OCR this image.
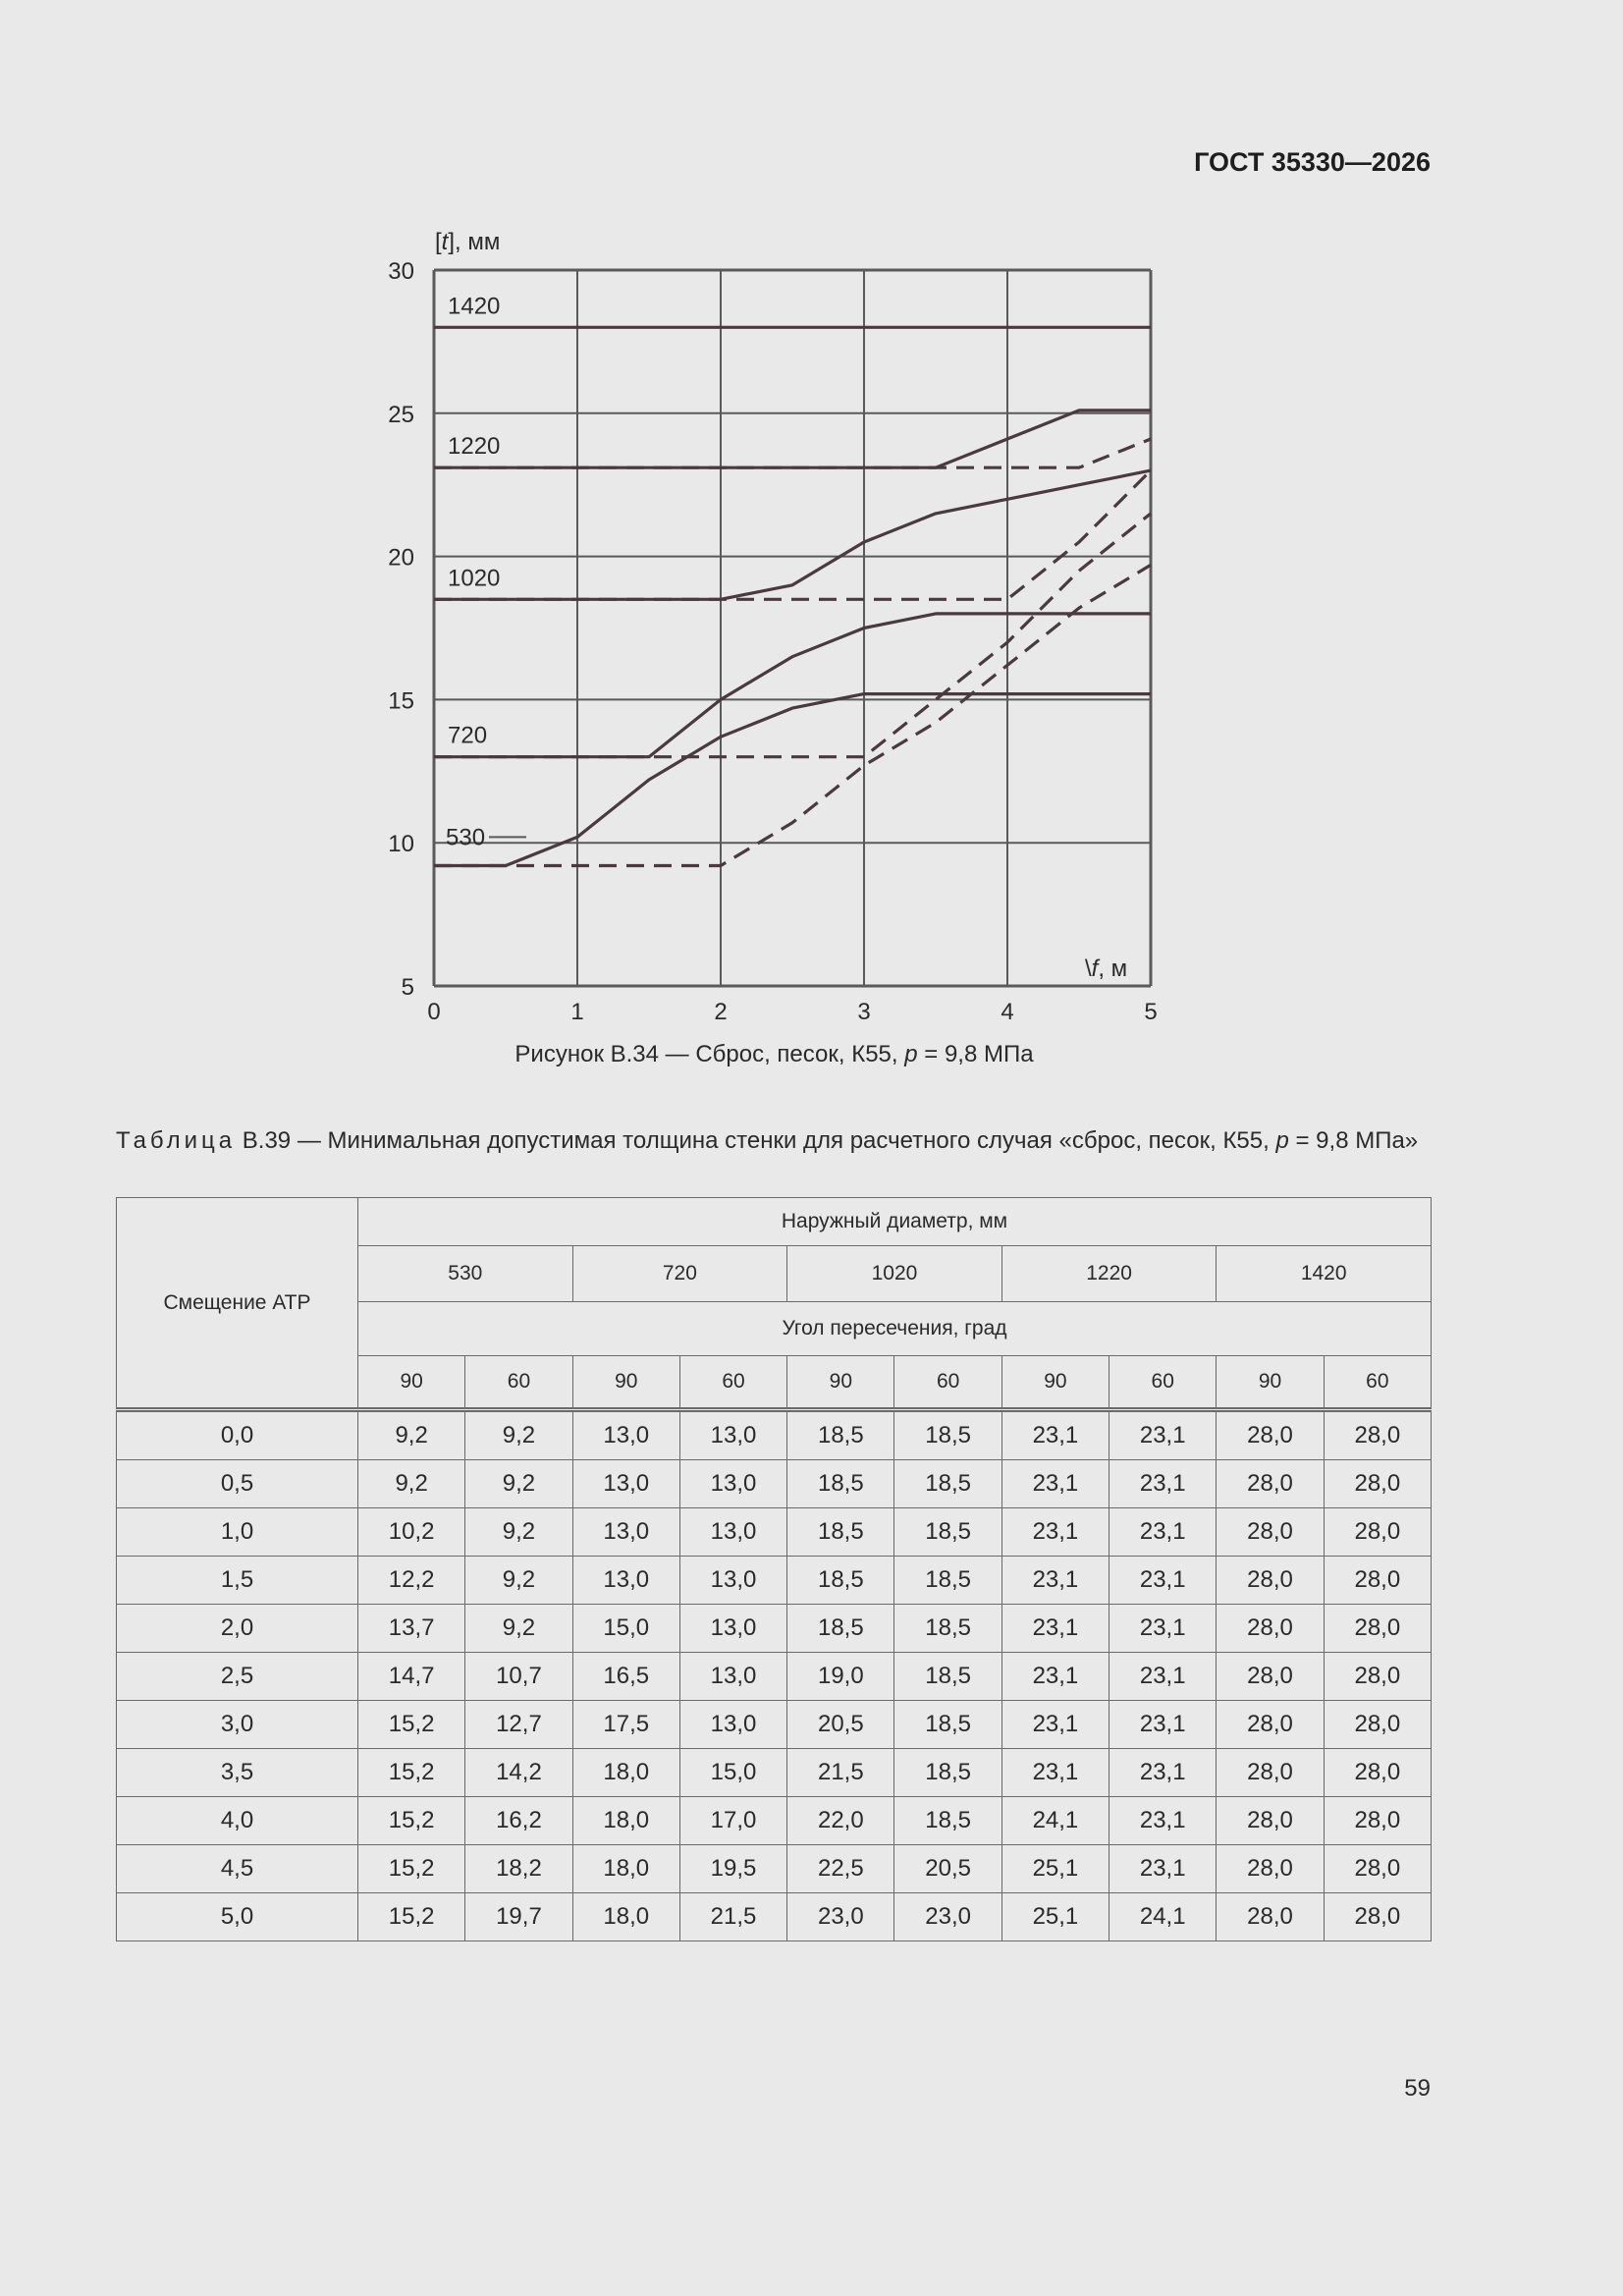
ГОСТ 35330—2026
0	1	2	3	4	5
5
10
15
20
25
30
530
720
1020
1220
1420
[t], мм
\f, м
Рисунок В.34 — Сброс, песок, К55, p = 9,8 МПа
Таблица В.39 — Минимальная допустимая толщина стенки для расчетного случая «сброс, песок, К55, p = 9,8 МПа»
Смещение АТР	Наружный диаметр, мм									
	530		720		1020		1220		1420	
	Угол пересечения, град									
	90	60	90	60	90	60	90	60	90	60
0,0	9,2	9,2	13,0	13,0	18,5	18,5	23,1	23,1	28,0	28,0
0,5	9,2	9,2	13,0	13,0	18,5	18,5	23,1	23,1	28,0	28,0
1,0	10,2	9,2	13,0	13,0	18,5	18,5	23,1	23,1	28,0	28,0
1,5	12,2	9,2	13,0	13,0	18,5	18,5	23,1	23,1	28,0	28,0
2,0	13,7	9,2	15,0	13,0	18,5	18,5	23,1	23,1	28,0	28,0
2,5	14,7	10,7	16,5	13,0	19,0	18,5	23,1	23,1	28,0	28,0
3,0	15,2	12,7	17,5	13,0	20,5	18,5	23,1	23,1	28,0	28,0
3,5	15,2	14,2	18,0	15,0	21,5	18,5	23,1	23,1	28,0	28,0
4,0	15,2	16,2	18,0	17,0	22,0	18,5	24,1	23,1	28,0	28,0
4,5	15,2	18,2	18,0	19,5	22,5	20,5	25,1	23,1	28,0	28,0
5,0	15,2	19,7	18,0	21,5	23,0	23,0	25,1	24,1	28,0	28,0
59
